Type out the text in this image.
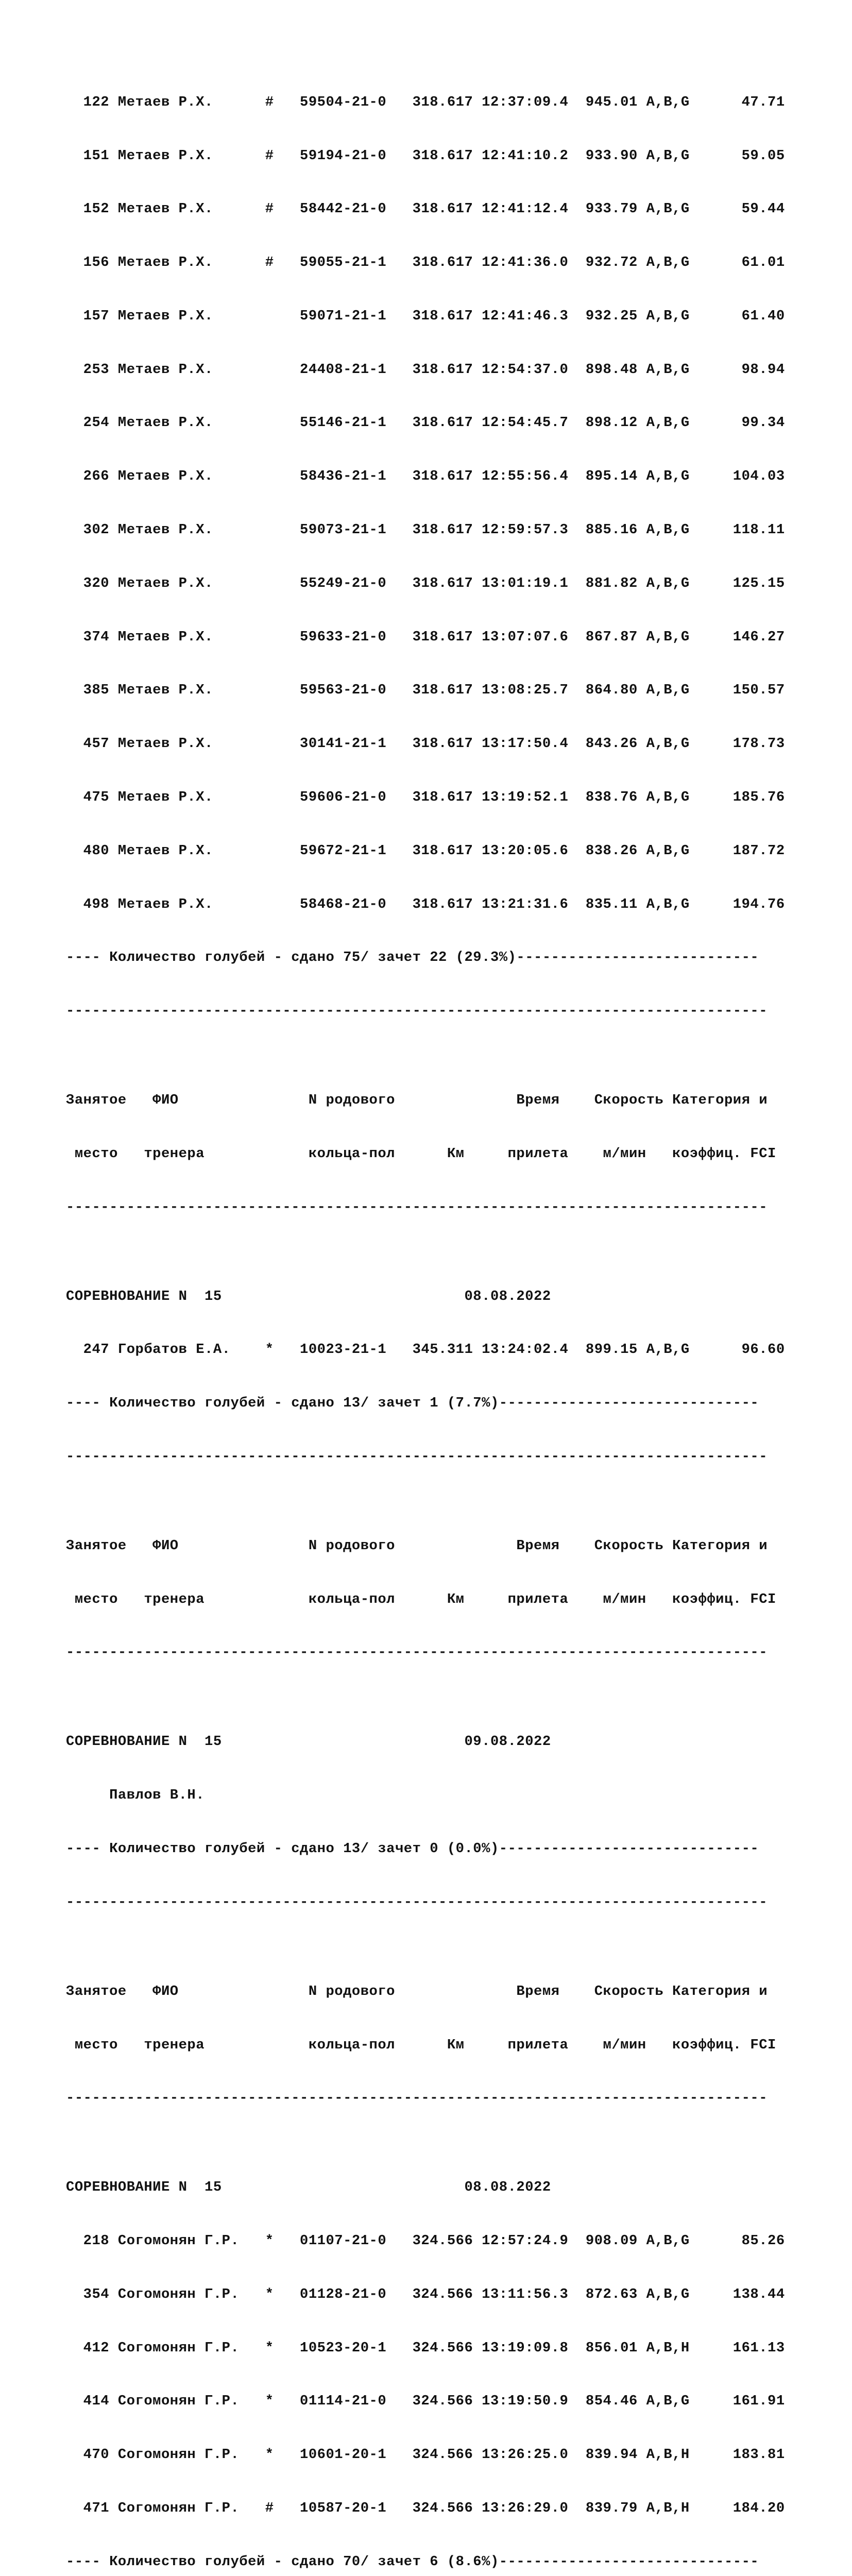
122 Метаев Р.Х.      #   59504-21-0   318.617 12:37:09.4  945.01 A,B,G      47.71

151 Метаев Р.Х.      #   59194-21-0   318.617 12:41:10.2  933.90 A,B,G      59.05

152 Метаев Р.Х.      #   58442-21-0   318.617 12:41:12.4  933.79 A,B,G      59.44

156 Метаев Р.Х.      #   59055-21-1   318.617 12:41:36.0  932.72 A,B,G      61.01

157 Метаев Р.Х.          59071-21-1   318.617 12:41:46.3  932.25 A,B,G      61.40

253 Метаев Р.Х.          24408-21-1   318.617 12:54:37.0  898.48 A,B,G      98.94

254 Метаев Р.Х.          55146-21-1   318.617 12:54:45.7  898.12 A,B,G      99.34

266 Метаев Р.Х.          58436-21-1   318.617 12:55:56.4  895.14 A,B,G     104.03

302 Метаев Р.Х.          59073-21-1   318.617 12:59:57.3  885.16 A,B,G     118.11

320 Метаев Р.Х.          55249-21-0   318.617 13:01:19.1  881.82 A,B,G     125.15

374 Метаев Р.Х.          59633-21-0   318.617 13:07:07.6  867.87 A,B,G     146.27

385 Метаев Р.Х.          59563-21-0   318.617 13:08:25.7  864.80 A,B,G     150.57

457 Метаев Р.Х.          30141-21-1   318.617 13:17:50.4  843.26 A,B,G     178.73

475 Метаев Р.Х.          59606-21-0   318.617 13:19:52.1  838.76 A,B,G     185.76

480 Метаев Р.Х.          59672-21-1   318.617 13:20:05.6  838.26 A,B,G     187.72

498 Метаев Р.Х.          58468-21-0   318.617 13:21:31.6  835.11 A,B,G     194.76

---- Количество голубей - сдано 75/ зачет 22 (29.3%)----------------------------

---------------------------------------------------------------------------------

Занятое   ФИО               N родового              Время    Скорость Категория и

место   тренера            кольца-пол      Км     прилета    м/мин   коэффиц. FCI

---------------------------------------------------------------------------------

СОРЕВНОВАНИЕ N  15                            08.08.2022

247 Горбатов Е.А.    *   10023-21-1   345.311 13:24:02.4  899.15 A,B,G      96.60

---- Количество голубей - сдано 13/ зачет 1 (7.7%)------------------------------

---------------------------------------------------------------------------------

Занятое   ФИО               N родового              Время    Скорость Категория и

место   тренера            кольца-пол      Км     прилета    м/мин   коэффиц. FCI

---------------------------------------------------------------------------------

СОРЕВНОВАНИЕ N  15                            09.08.2022

Павлов В.Н.

---- Количество голубей - сдано 13/ зачет 0 (0.0%)------------------------------

---------------------------------------------------------------------------------

Занятое   ФИО               N родового              Время    Скорость Категория и

место   тренера            кольца-пол      Км     прилета    м/мин   коэффиц. FCI

---------------------------------------------------------------------------------

СОРЕВНОВАНИЕ N  15                            08.08.2022

218 Согомонян Г.Р.   *   01107-21-0   324.566 12:57:24.9  908.09 A,B,G      85.26

354 Согомонян Г.Р.   *   01128-21-0   324.566 13:11:56.3  872.63 A,B,G     138.44

412 Согомонян Г.Р.   *   10523-20-1   324.566 13:19:09.8  856.01 A,B,H     161.13

414 Согомонян Г.Р.   *   01114-21-0   324.566 13:19:50.9  854.46 A,B,G     161.91

470 Согомонян Г.Р.   *   10601-20-1   324.566 13:26:25.0  839.94 A,B,H     183.81

471 Согомонян Г.Р.   #   10587-20-1   324.566 13:26:29.0  839.79 A,B,H     184.20

---- Количество голубей - сдано 70/ зачет 6 (8.6%)------------------------------
